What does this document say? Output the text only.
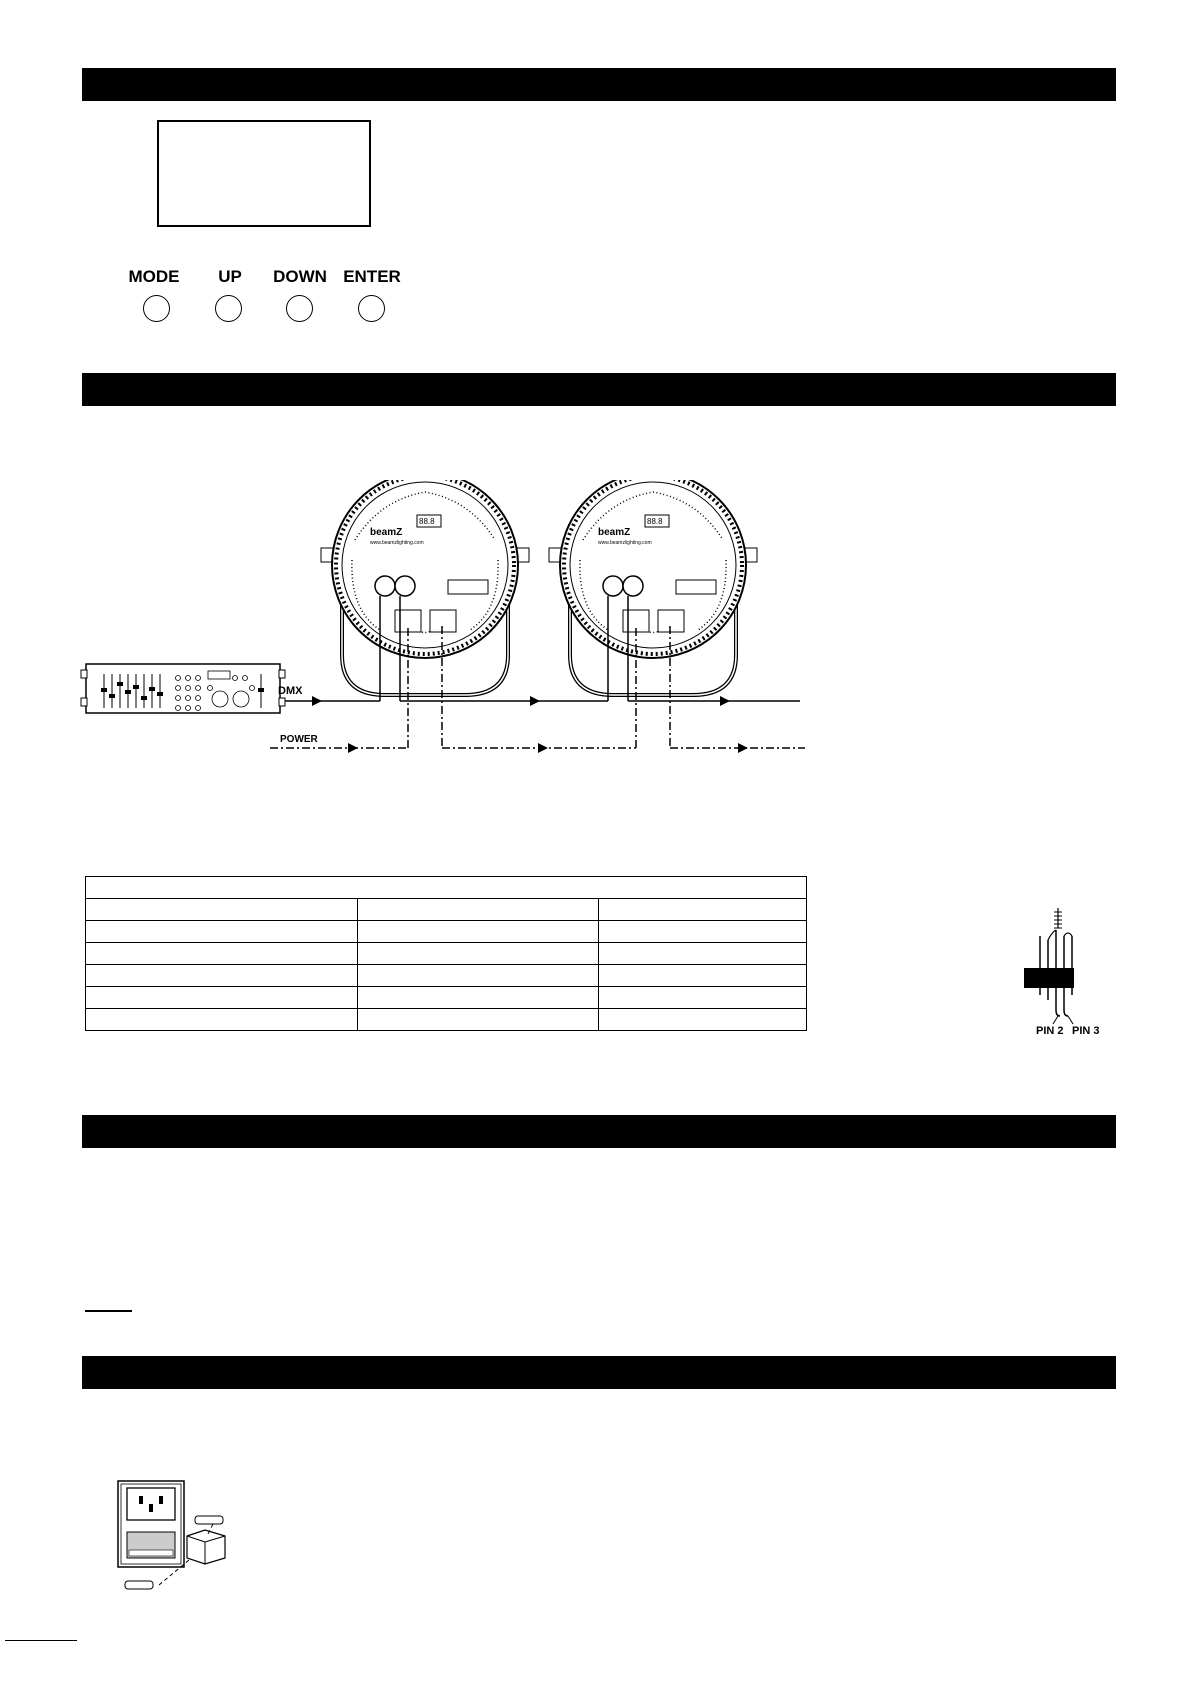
MODE	UP	DOWN ENTER
88.8
beamZ
www.beamzlighting.com
88.8
beamZ
www.beamzlighting.com
DMX
POWER

PIN 2 PIN 3
